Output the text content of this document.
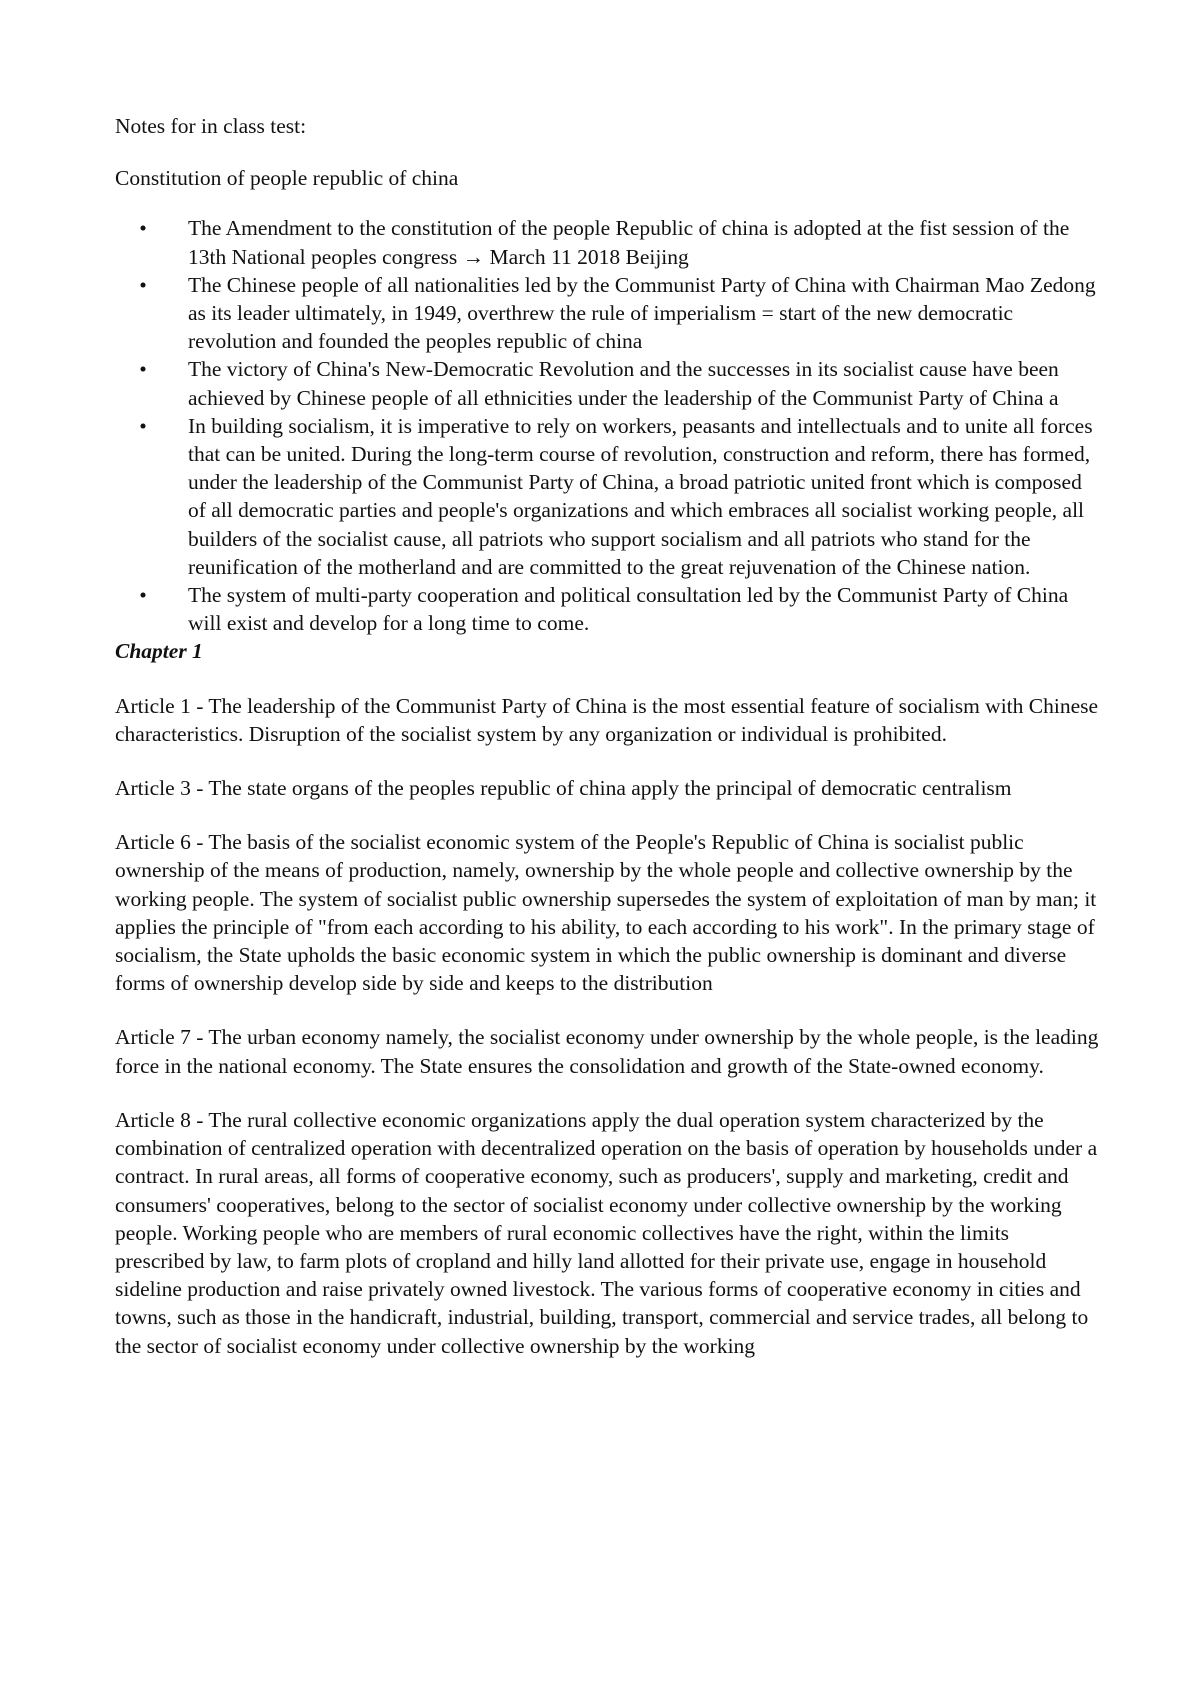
Notes for in class test:

Constitution of people republic of china

• The Amendment to the constitution of the people Republic of china is adopted at the fist session of the 13th National peoples congress → March 11 2018 Beijing
• The Chinese people of all nationalities led by the Communist Party of China with Chairman Mao Zedong as its leader ultimately, in 1949, overthrew the rule of imperialism = start of the new democratic revolution and founded the peoples republic of china
• The victory of China's New-Democratic Revolution and the successes in its socialist cause have been achieved by Chinese people of all ethnicities under the leadership of the Communist Party of China a
• In building socialism, it is imperative to rely on workers, peasants and intellectuals and to unite all forces that can be united. During the long-term course of revolution, construction and reform, there has formed, under the leadership of the Communist Party of China, a broad patriotic united front which is composed of all democratic parties and people's organizations and which embraces all socialist working people, all builders of the socialist cause, all patriots who support socialism and all patriots who stand for the reunification of the motherland and are committed to the great rejuvenation of the Chinese nation.
• The system of multi-party cooperation and political consultation led by the Communist Party of China will exist and develop for a long time to come.

Chapter 1

Article 1 - The leadership of the Communist Party of China is the most essential feature of socialism with Chinese characteristics. Disruption of the socialist system by any organization or individual is prohibited.

Article 3 - The state organs of the peoples republic of china apply the principal of democratic centralism

Article 6 - The basis of the socialist economic system of the People's Republic of China is socialist public ownership of the means of production, namely, ownership by the whole people and collective ownership by the working people. The system of socialist public ownership supersedes the system of exploitation of man by man; it applies the principle of "from each according to his ability, to each according to his work". In the primary stage of socialism, the State upholds the basic economic system in which the public ownership is dominant and diverse forms of ownership develop side by side and keeps to the distribution

Article 7 - The urban economy namely, the socialist economy under ownership by the whole people, is the leading force in the national economy. The State ensures the consolidation and growth of the State-owned economy.

Article 8 - The rural collective economic organizations apply the dual operation system characterized by the combination of centralized operation with decentralized operation on the basis of operation by households under a contract. In rural areas, all forms of cooperative economy, such as producers', supply and marketing, credit and consumers' cooperatives, belong to the sector of socialist economy under collective ownership by the working people. Working people who are members of rural economic collectives have the right, within the limits prescribed by law, to farm plots of cropland and hilly land allotted for their private use, engage in household sideline production and raise privately owned livestock. The various forms of cooperative economy in cities and towns, such as those in the handicraft, industrial, building, transport, commercial and service trades, all belong to the sector of socialist economy under collective ownership by the working
